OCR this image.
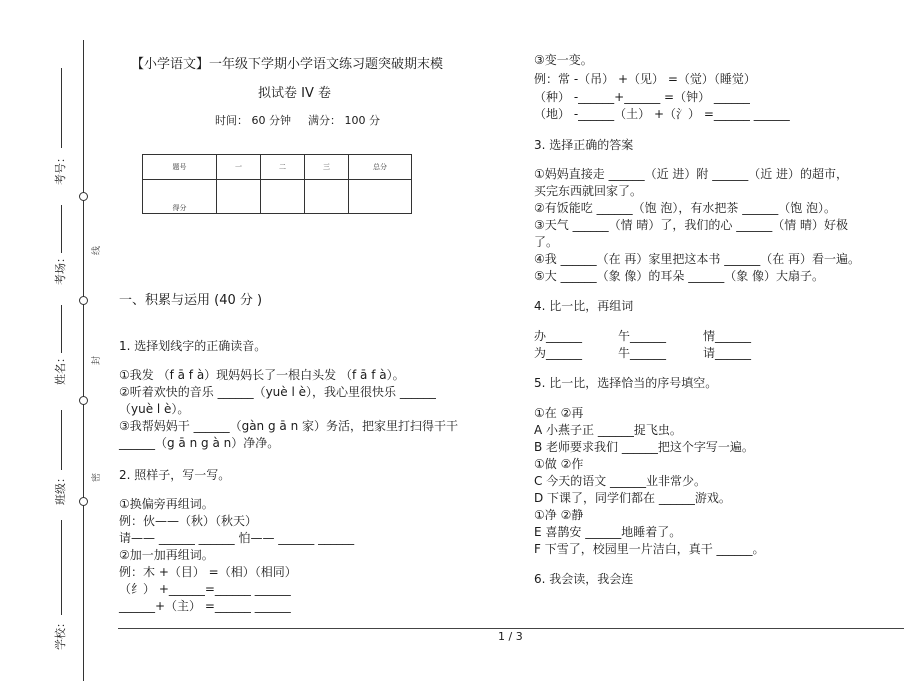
考号：
考场：
姓名：
班级：
学校：
线
封
密
【小学语文】一年级下学期小学语文练习题突破期末模
拟试卷 IV 卷
时间： 60 分钟 满分： 100 分
题号	一	二	三	总分
得分				
一、积累与运用 (40 分 )
1. 选择划线字的正确读音。
①我发 （f ā f à）现妈妈长了一根白头发 （f ā f à）。
②听着欢快的音乐 ______（yuè l è），我心里很快乐 ______
（yuè l è）。
③我帮妈妈干 ______（gàn g ā n 家）务活，把家里打扫得干干
______（g ā n g à n）净净。
2. 照样子，写一写。
①换偏旁再组词。
例：伙——（秋）（秋天）
请—— ______ ______ 怕—— ______ ______
②加一加再组词。
例：木 +（目） =（相）（相同）
（纟） +______=______ ______
______+（主） =______ ______
③变一变。
例：常 -（吊） +（见） =（觉）（睡觉）
（种） -______+______ =（钟） ______
（地） -______（土） +（氵） =______ ______
3. 选择正确的答案
①妈妈直接走 ______（近 进）附 ______（近 进）的超市，
买完东西就回家了。
②有饭能吃 ______（饱 泡），有水把茶 ______（饱 泡）。
③天气 ______（情 晴）了，我们的心 ______（情 晴）好极
了。
④我 ______（在 再）家里把这本书 ______（在 再）看一遍。
⑤大 ______（象 像）的耳朵 ______（象 像）大扇子。
4. 比一比，再组词
办______	午______	情______
为______	牛______	请______
5. 比一比，选择恰当的序号填空。
①在 ②再
A 小燕子正 ______捉飞虫。
B 老师要求我们 ______把这个字写一遍。
①做 ②作
C 今天的语文 ______业非常少。
D 下课了，同学们都在 ______游戏。
①净 ②静
E 喜鹊安 ______地睡着了。
F 下雪了，校园里一片洁白，真干 ______。
6. 我会读，我会连
1 / 3
